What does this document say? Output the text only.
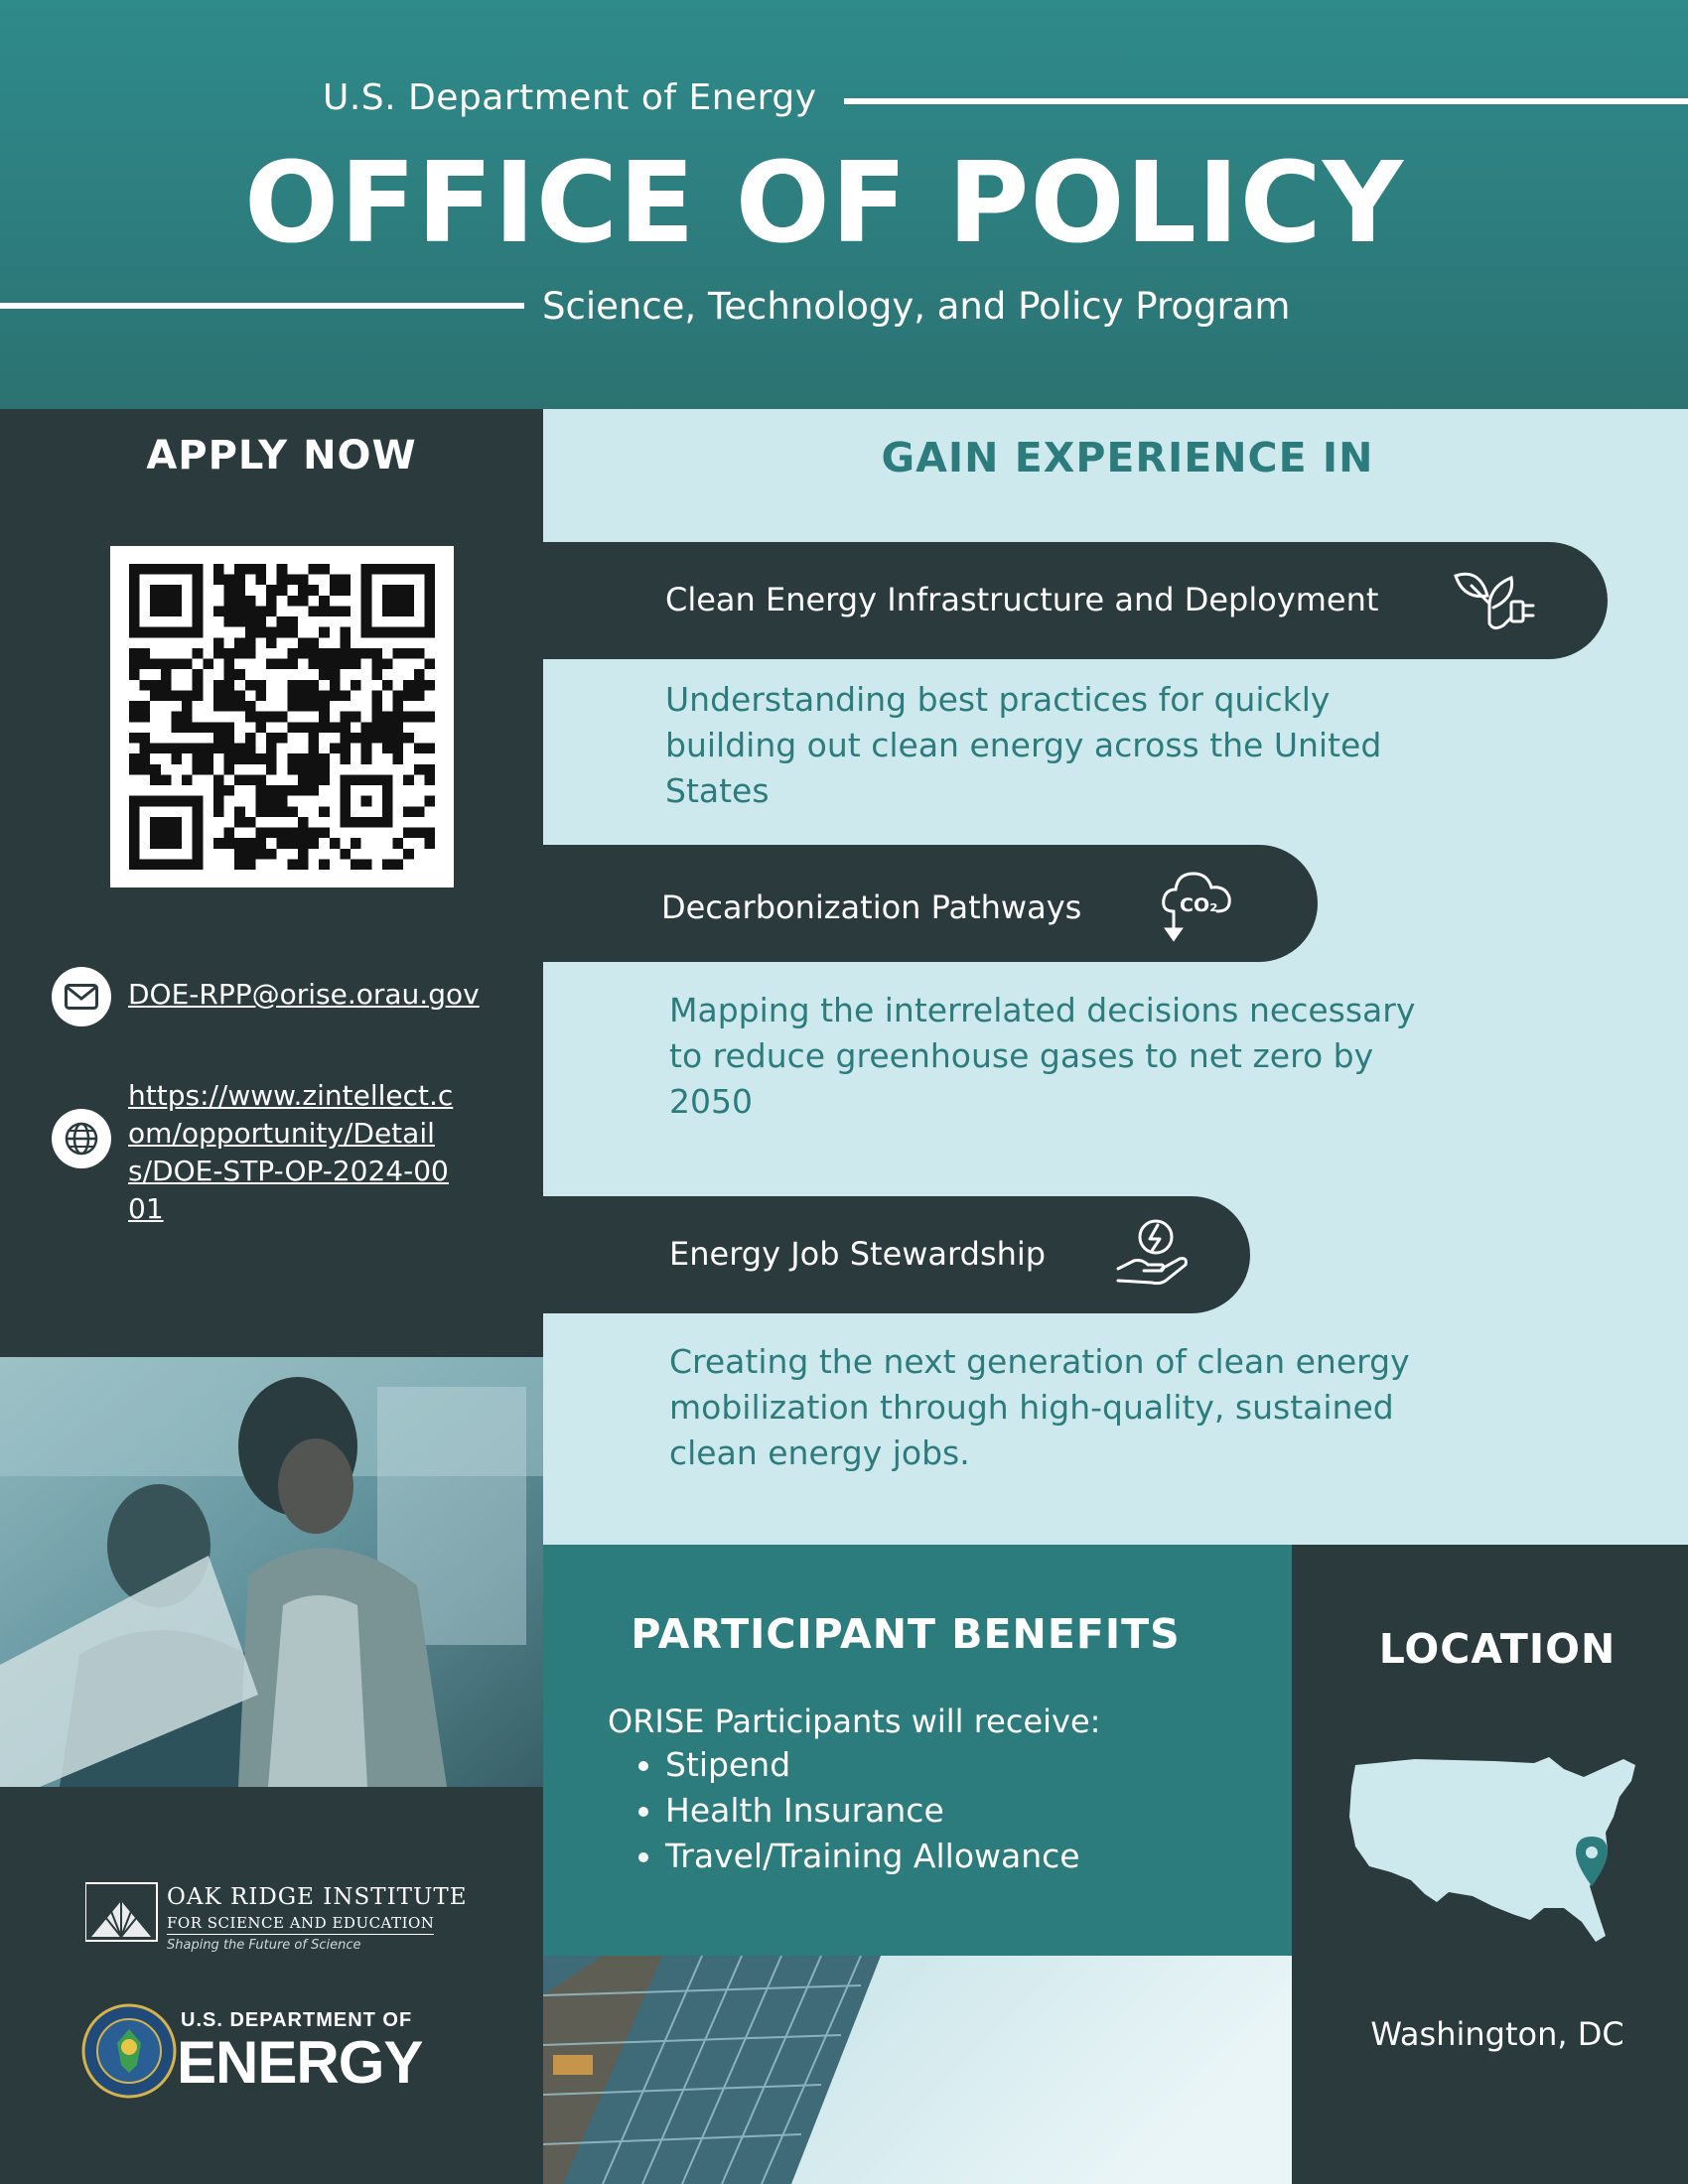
U.S. Department of Energy
OFFICE OF POLICY
Science, Technology, and Policy Program
APPLY NOW
DOE-RPP@orise.orau.gov
https://www.zintellect.com/opportunity/Details/DOE-STP-OP-2024-0001
OAK RIDGE INSTITUTE
FOR SCIENCE AND EDUCATION
Shaping the Future of Science
U.S. DEPARTMENT OF
ENERGY
GAIN EXPERIENCE IN
Clean Energy Infrastructure and Deployment
Understanding best practices for quickly building out clean energy across the United States
Decarbonization Pathways	CO₂
Mapping the interrelated decisions necessary to reduce greenhouse gases to net zero by 2050
Energy Job Stewardship
Creating the next generation of clean energy mobilization through high-quality, sustained clean energy jobs.
PARTICIPANT BENEFITS
ORISE Participants will receive:
• Stipend
• Health Insurance
• Travel/Training Allowance
LOCATION
Washington, DC
